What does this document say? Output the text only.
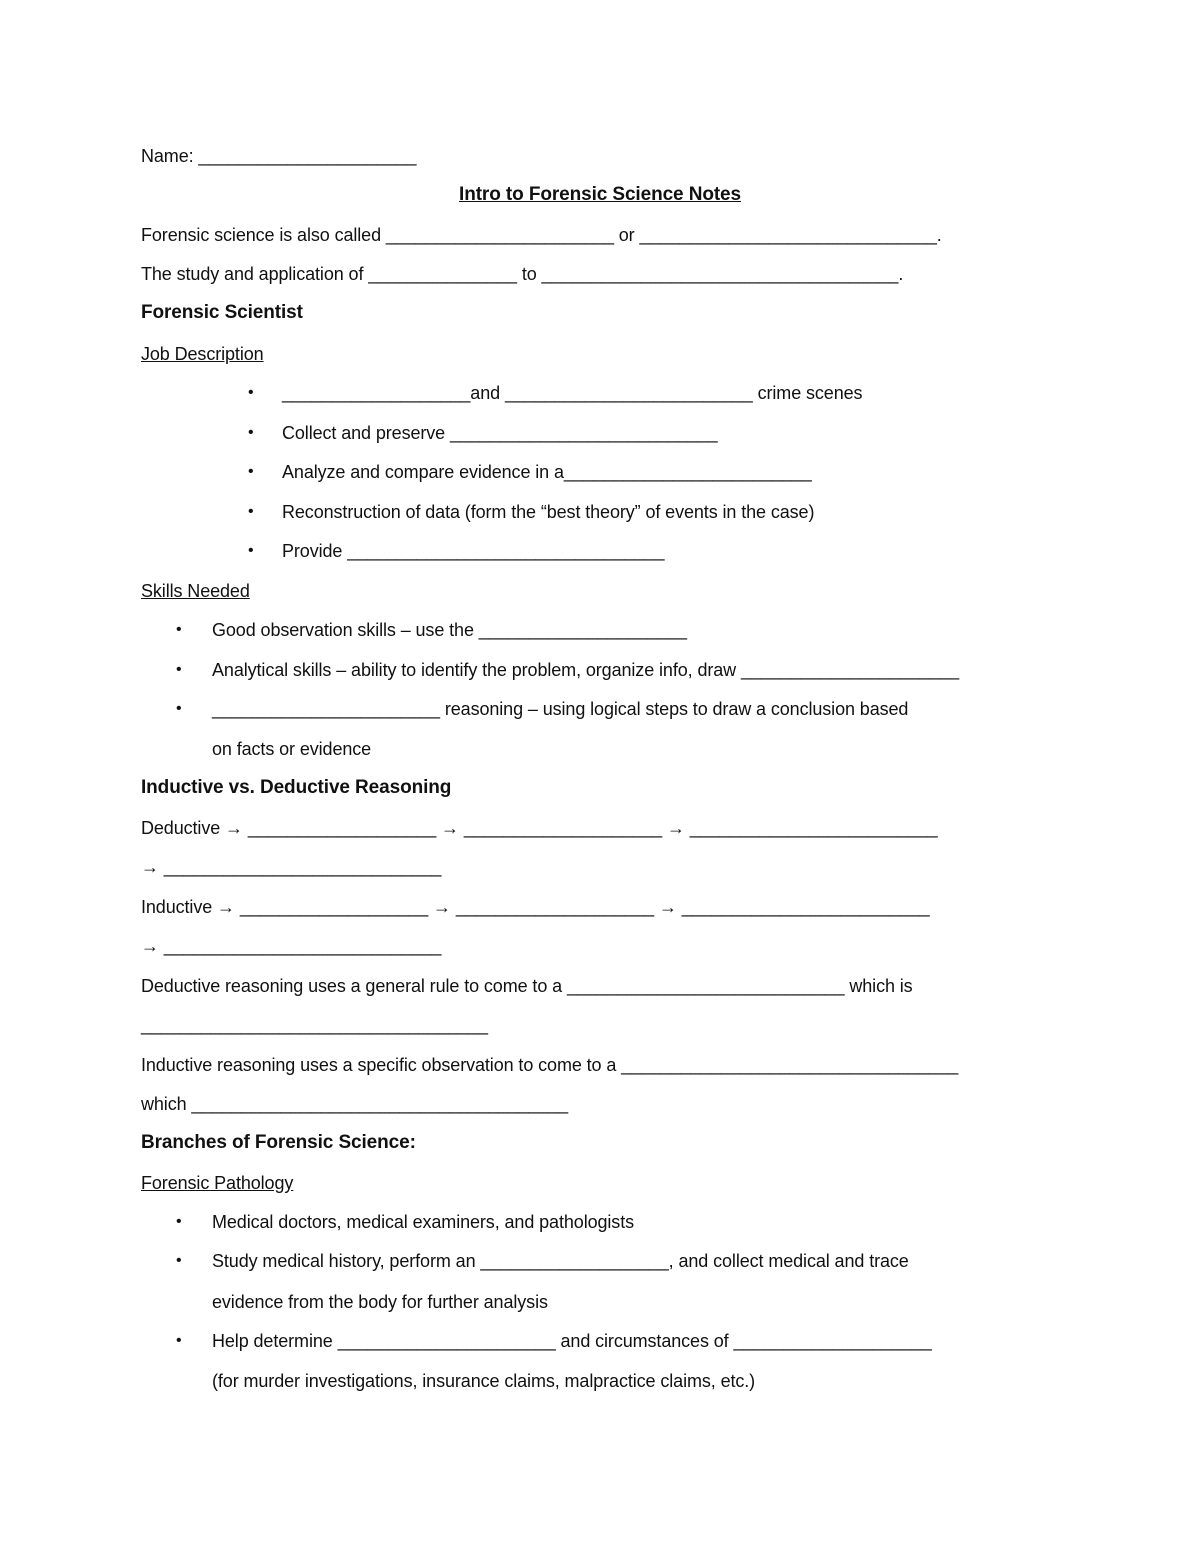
Name: ______________________
Intro to Forensic Science Notes
Forensic science is also called _______________________ or ______________________________.
The study and application of _______________ to ____________________________________.
Forensic Scientist
Job Description
• ___________________and _________________________ crime scenes
• Collect and preserve ___________________________
• Analyze and compare evidence in a_________________________
• Reconstruction of data (form the “best theory” of events in the case)
• Provide ________________________________
Skills Needed
• Good observation skills – use the _____________________
• Analytical skills – ability to identify the problem, organize info, draw ______________________
• _______________________ reasoning – using logical steps to draw a conclusion based
on facts or evidence
Inductive vs. Deductive Reasoning
Deductive → ___________________ → ____________________ → _________________________
→ ____________________________
Inductive → ___________________ → ____________________ → _________________________
→ ____________________________
Deductive reasoning uses a general rule to come to a ____________________________ which is
___________________________________
Inductive reasoning uses a specific observation to come to a __________________________________
which ______________________________________
Branches of Forensic Science:
Forensic Pathology
• Medical doctors, medical examiners, and pathologists
• Study medical history, perform an ___________________, and collect medical and trace
evidence from the body for further analysis
• Help determine ______________________ and circumstances of ____________________
(for murder investigations, insurance claims, malpractice claims, etc.)
